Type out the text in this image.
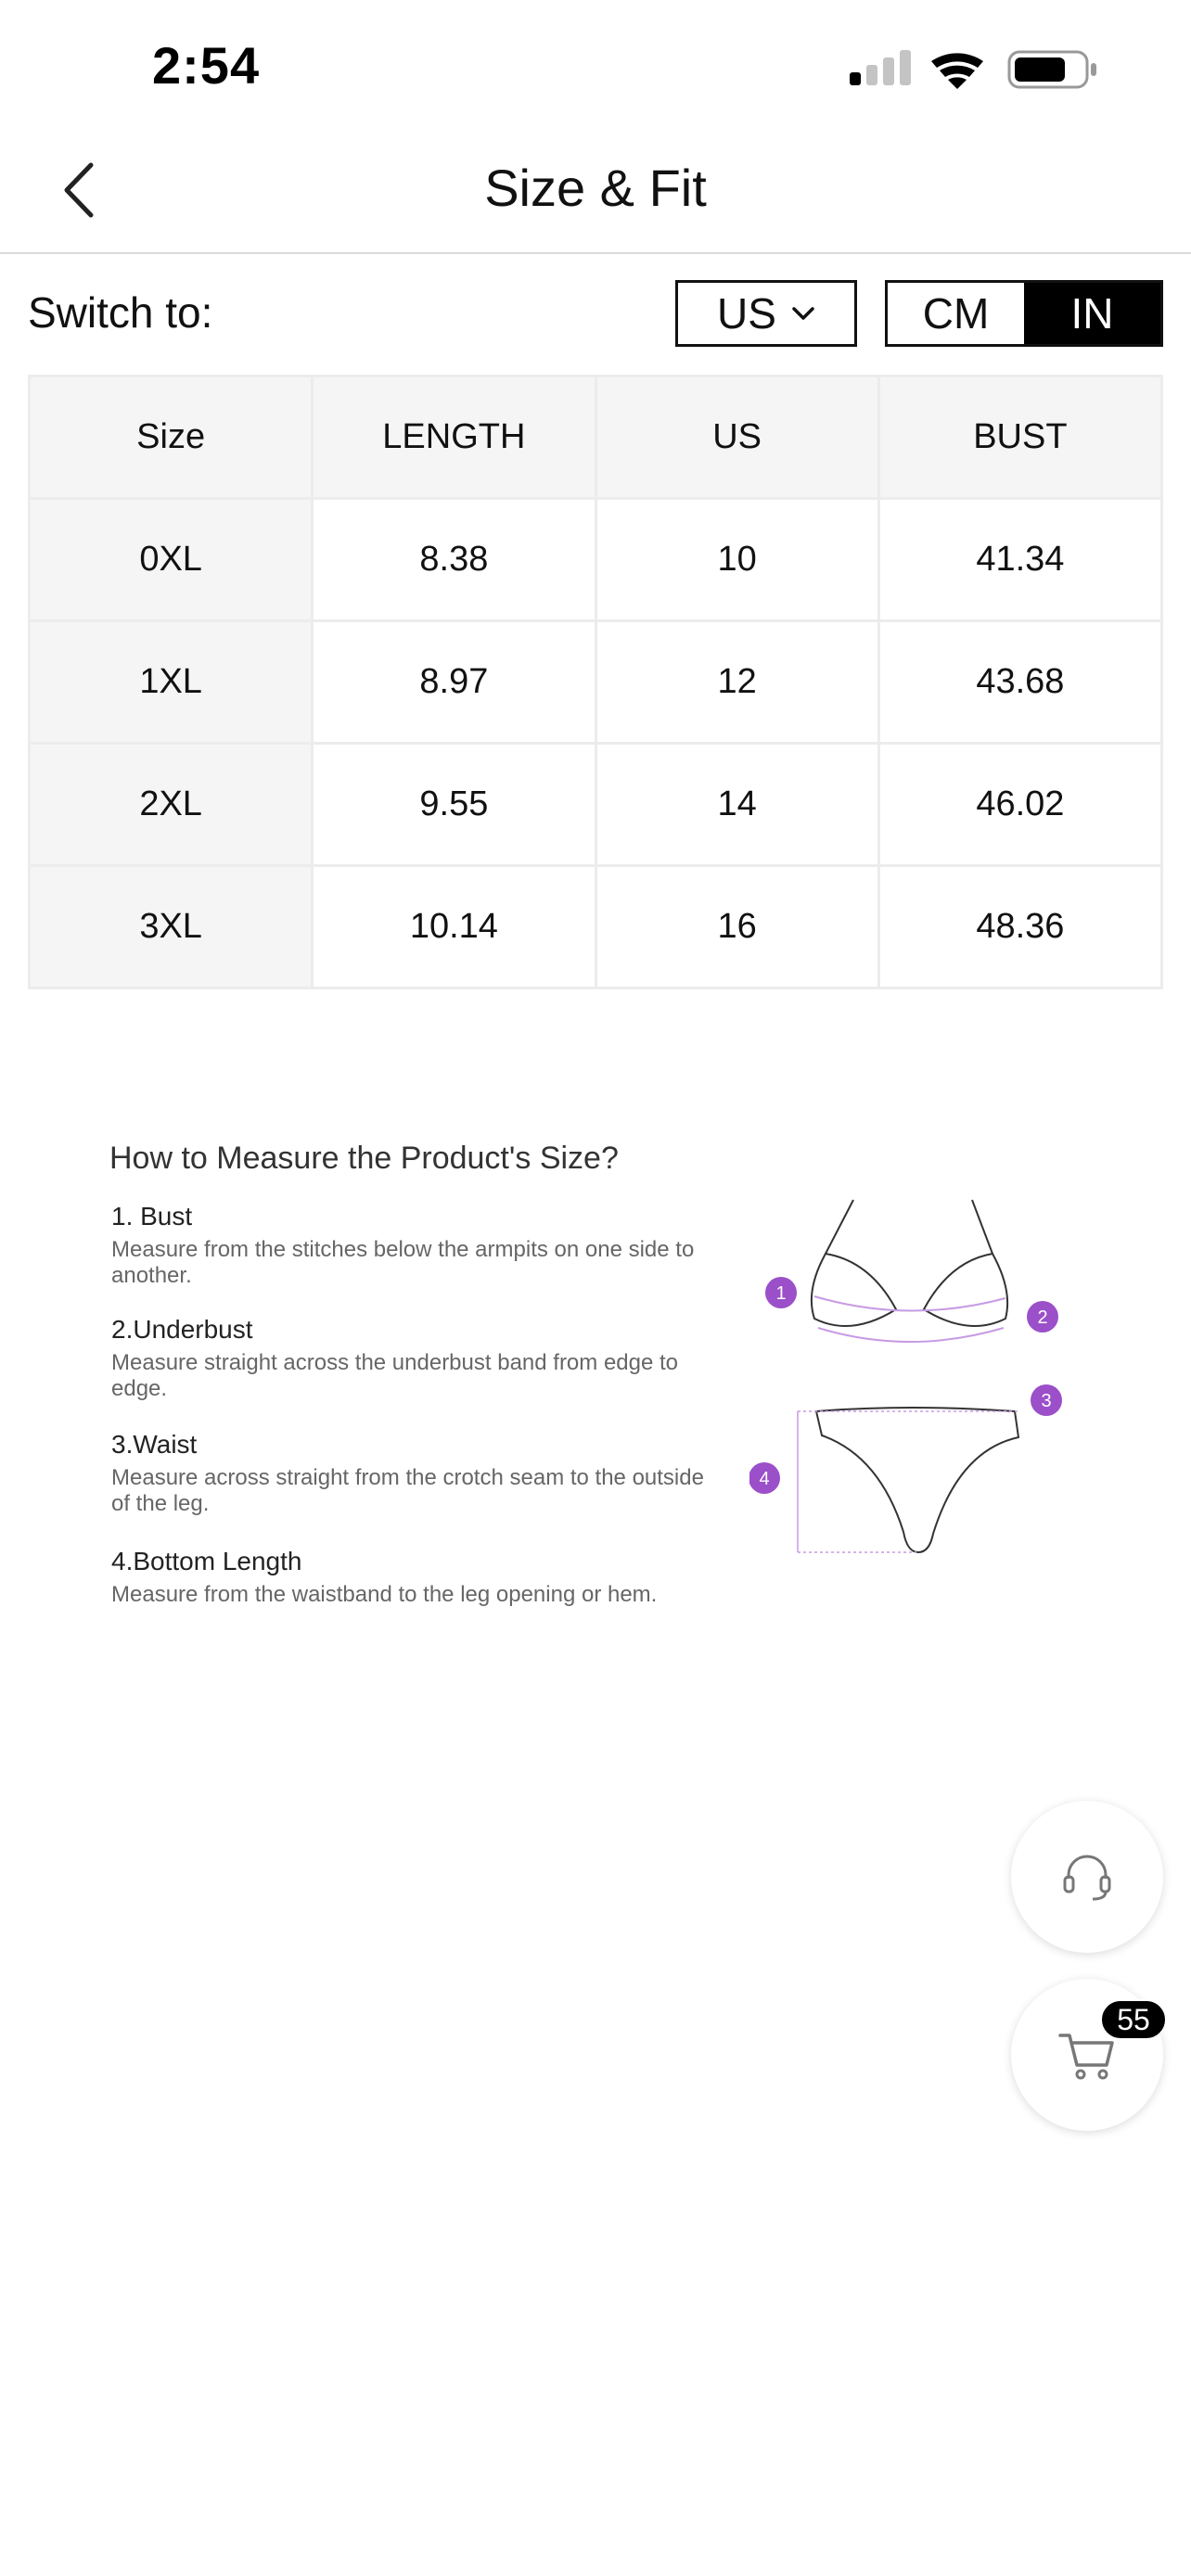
2:54
Size & Fit
Switch to:	US	CM	IN
Size	LENGTH	US	BUST
0XL	8.38	10	41.34
1XL	8.97	12	43.68
2XL	9.55	14	46.02
3XL	10.14	16	48.36
How to Measure the Product's Size?
1. Bust
Measure from the stitches below the armpits on one side to another.
2.Underbust
Measure straight across the underbust band from edge to edge.
3.Waist
Measure across straight from the crotch seam to the outside of the leg.
4.Bottom Length
Measure from the waistband to the leg opening or hem.
1
2
3
4
55
